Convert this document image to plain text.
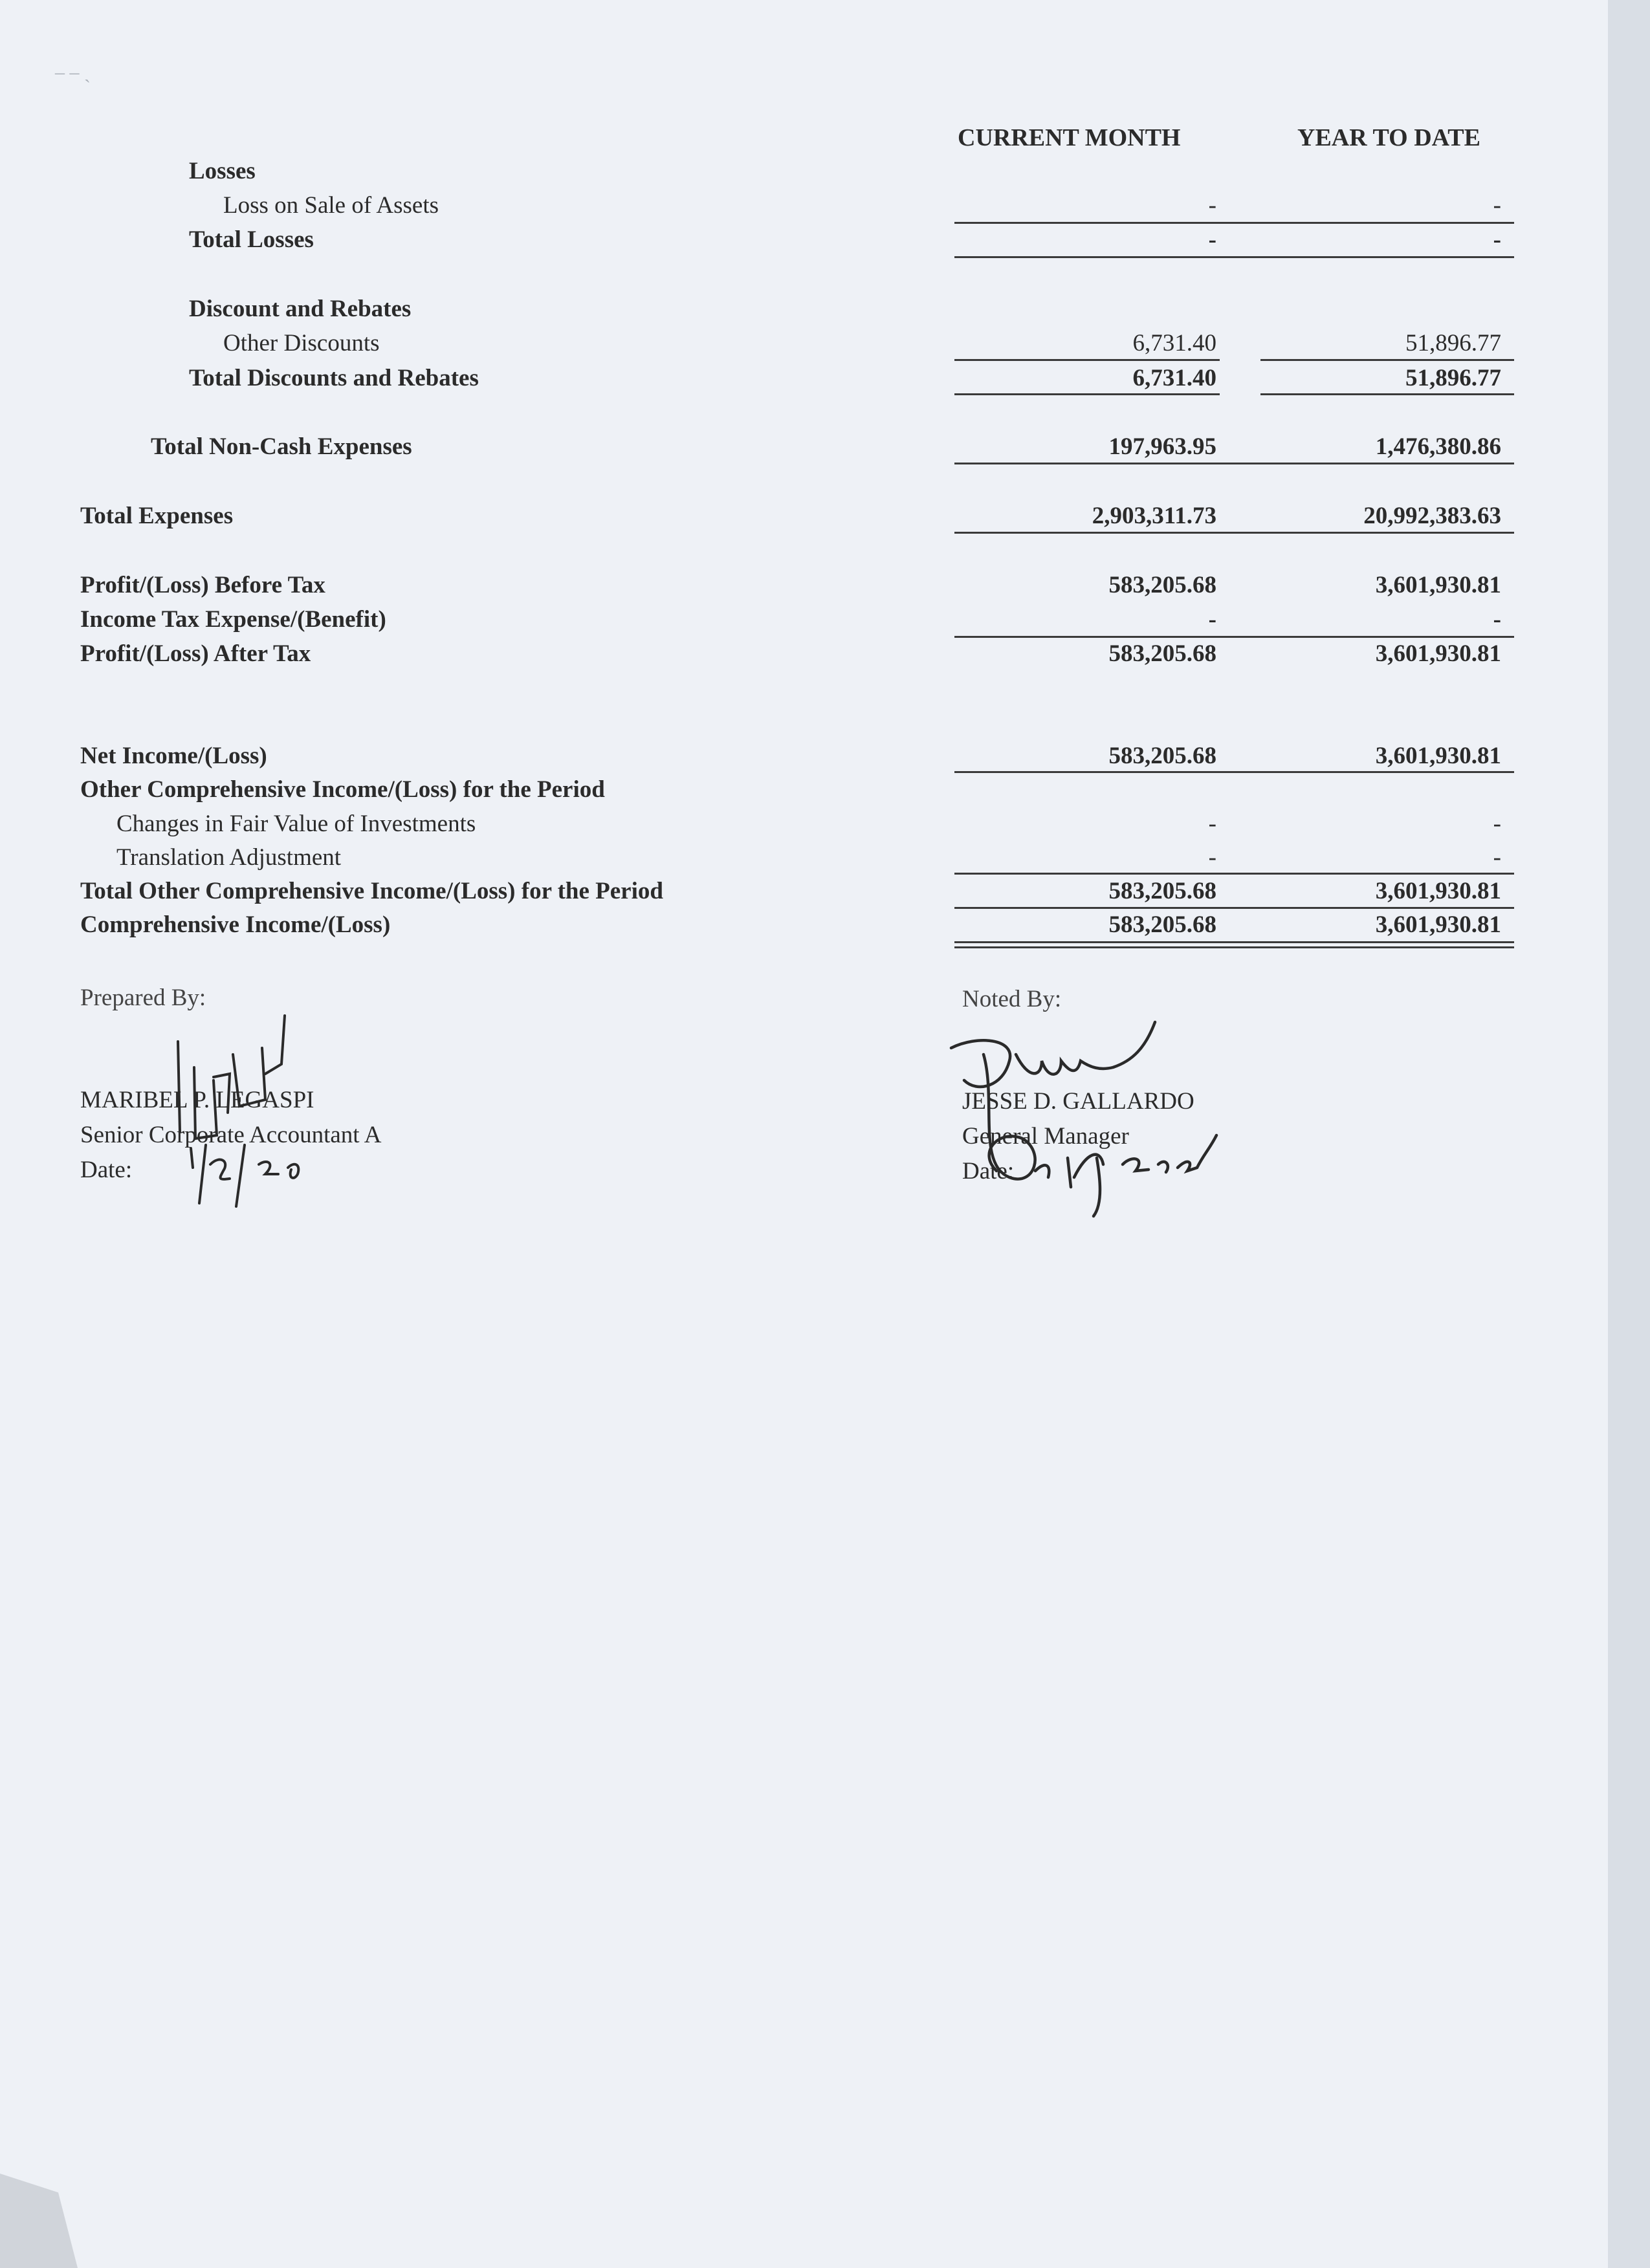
‒ ‒ ˏ
CURRENT MONTH	YEAR TO DATE
Losses
Loss on Sale of Assets
Total Losses
Discount and Rebates
Other Discounts
Total Discounts and Rebates
Total Non-Cash Expenses
Total Expenses
Profit/(Loss) Before Tax
Income Tax Expense/(Benefit)
Profit/(Loss) After Tax
Net Income/(Loss)
Other Comprehensive Income/(Loss) for the Period
Changes in Fair Value of Investments
Translation Adjustment
Total Other Comprehensive Income/(Loss) for the Period
Comprehensive Income/(Loss)
-
-
6,731.40
6,731.40
197,963.95
2,903,311.73
583,205.68
-
583,205.68
583,205.68
-
-
583,205.68
583,205.68
-
-
51,896.77
51,896.77
1,476,380.86
20,992,383.63
3,601,930.81
-
3,601,930.81
3,601,930.81
-
-
3,601,930.81
3,601,930.81
Prepared By:
MARIBEL P. LEGASPI
Senior Corporate Accountant A
Date:
Noted By:
JESSE D. GALLARDO
General Manager
Date:
